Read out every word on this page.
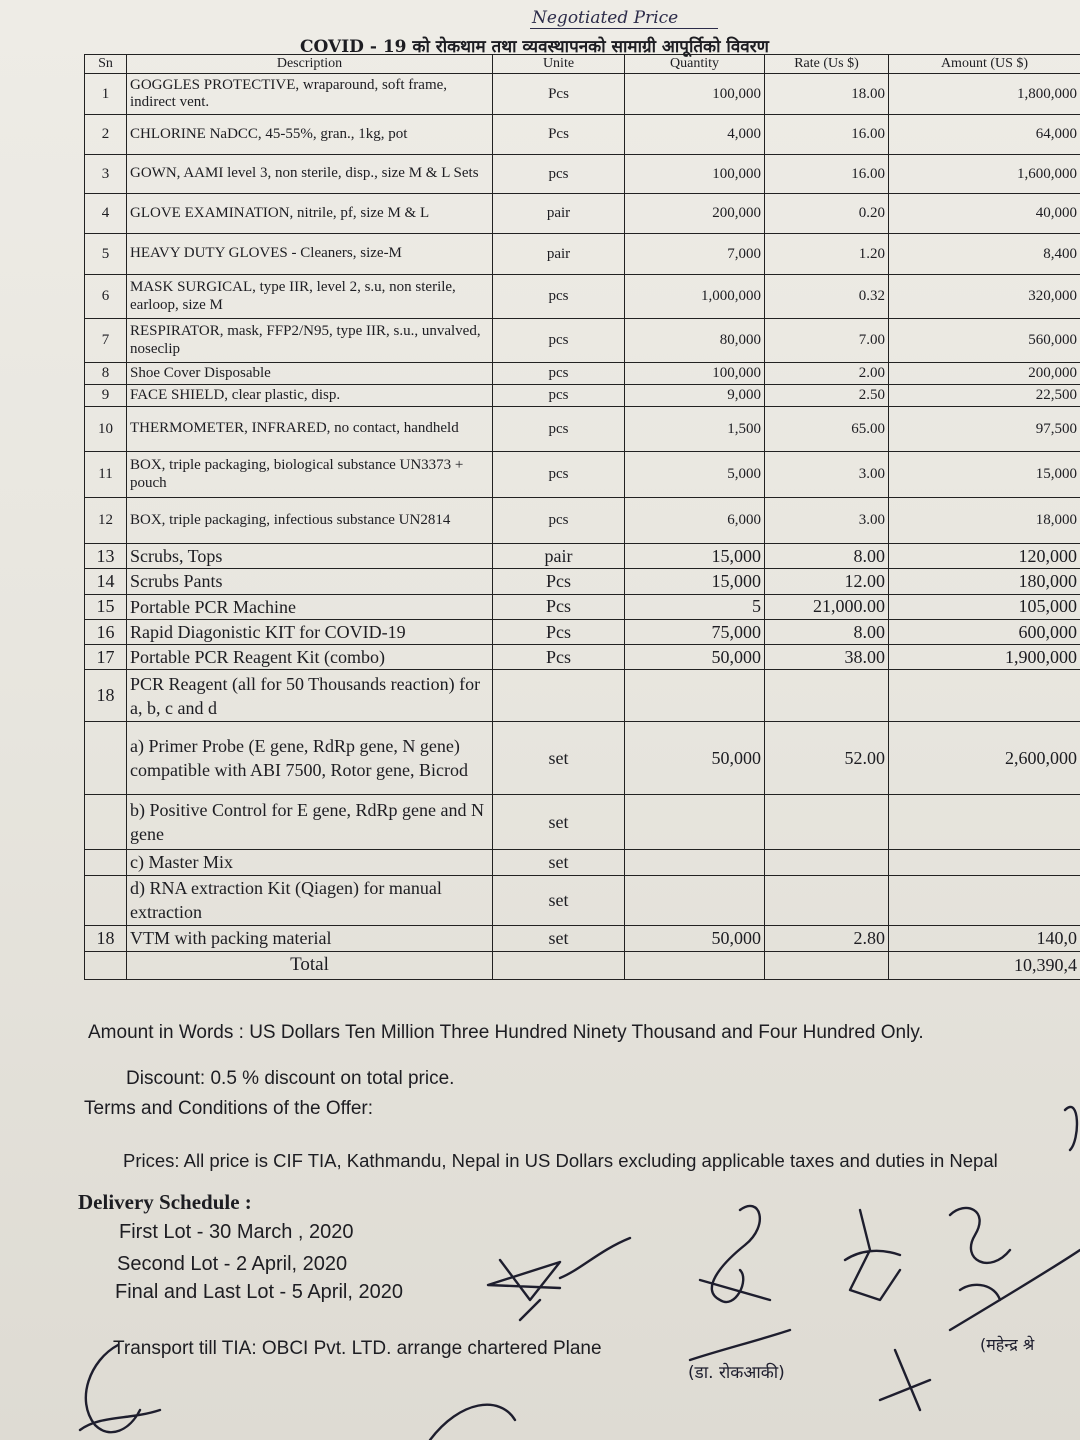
Negotiated Price
COVID - 19 को रोकथाम तथा व्यवस्थापनको सामाग्री आपूर्तिको विवरण
Sn	Description	Unite	Quantity	Rate (Us $)	Amount (US $)
1	GOGGLES PROTECTIVE, wraparound, soft frame, indirect vent.	Pcs	100,000	18.00	1,800,000
2	CHLORINE NaDCC, 45-55%, gran., 1kg, pot	Pcs	4,000	16.00	64,000
3	GOWN, AAMI level 3, non sterile, disp., size M & L Sets	pcs	100,000	16.00	1,600,000
4	GLOVE EXAMINATION, nitrile, pf, size M & L	pair	200,000	0.20	40,000
5	HEAVY DUTY GLOVES - Cleaners, size-M	pair	7,000	1.20	8,400
6	MASK SURGICAL, type IIR, level 2, s.u, non sterile, earloop, size M	pcs	1,000,000	0.32	320,000
7	RESPIRATOR, mask, FFP2/N95, type IIR, s.u., unvalved, noseclip	pcs	80,000	7.00	560,000
8	Shoe Cover Disposable	pcs	100,000	2.00	200,000
9	FACE SHIELD, clear plastic, disp.	pcs	9,000	2.50	22,500
10	THERMOMETER, INFRARED, no contact, handheld	pcs	1,500	65.00	97,500
11	BOX, triple packaging, biological substance UN3373 + pouch	pcs	5,000	3.00	15,000
12	BOX, triple packaging, infectious substance UN2814	pcs	6,000	3.00	18,000
13	Scrubs, Tops	pair	15,000	8.00	120,000
14	Scrubs Pants	Pcs	15,000	12.00	180,000
15	Portable PCR Machine	Pcs	5	21,000.00	105,000
16	Rapid Diagonistic KIT for COVID-19	Pcs	75,000	8.00	600,000
17	Portable PCR Reagent Kit (combo)	Pcs	50,000	38.00	1,900,000
18	PCR Reagent (all for 50 Thousands reaction) for a, b, c and d				
	a) Primer Probe (E gene, RdRp gene, N gene) compatible with ABI 7500, Rotor gene, Bicrod	set	50,000	52.00	2,600,000
	b) Positive Control for E gene, RdRp gene and N gene	set			
	c) Master Mix	set			
	d) RNA extraction Kit (Qiagen) for manual extraction	set			
18	VTM with packing material	set	50,000	2.80	140,0
	Total				10,390,4
Amount in Words : US Dollars Ten Million Three Hundred Ninety Thousand and Four Hundred Only.
Discount: 0.5 % discount on total price.
Terms and Conditions of the Offer:
Prices: All price is CIF TIA, Kathmandu, Nepal in US Dollars excluding applicable taxes and duties in Nepal
Delivery Schedule :
First Lot - 30 March , 2020
Second Lot - 2 April, 2020
Final and Last Lot - 5 April, 2020
Transport till TIA: OBCI Pvt. LTD. arrange chartered Plane
(डा. रोकआकी)
(महेन्द्र श्रे
